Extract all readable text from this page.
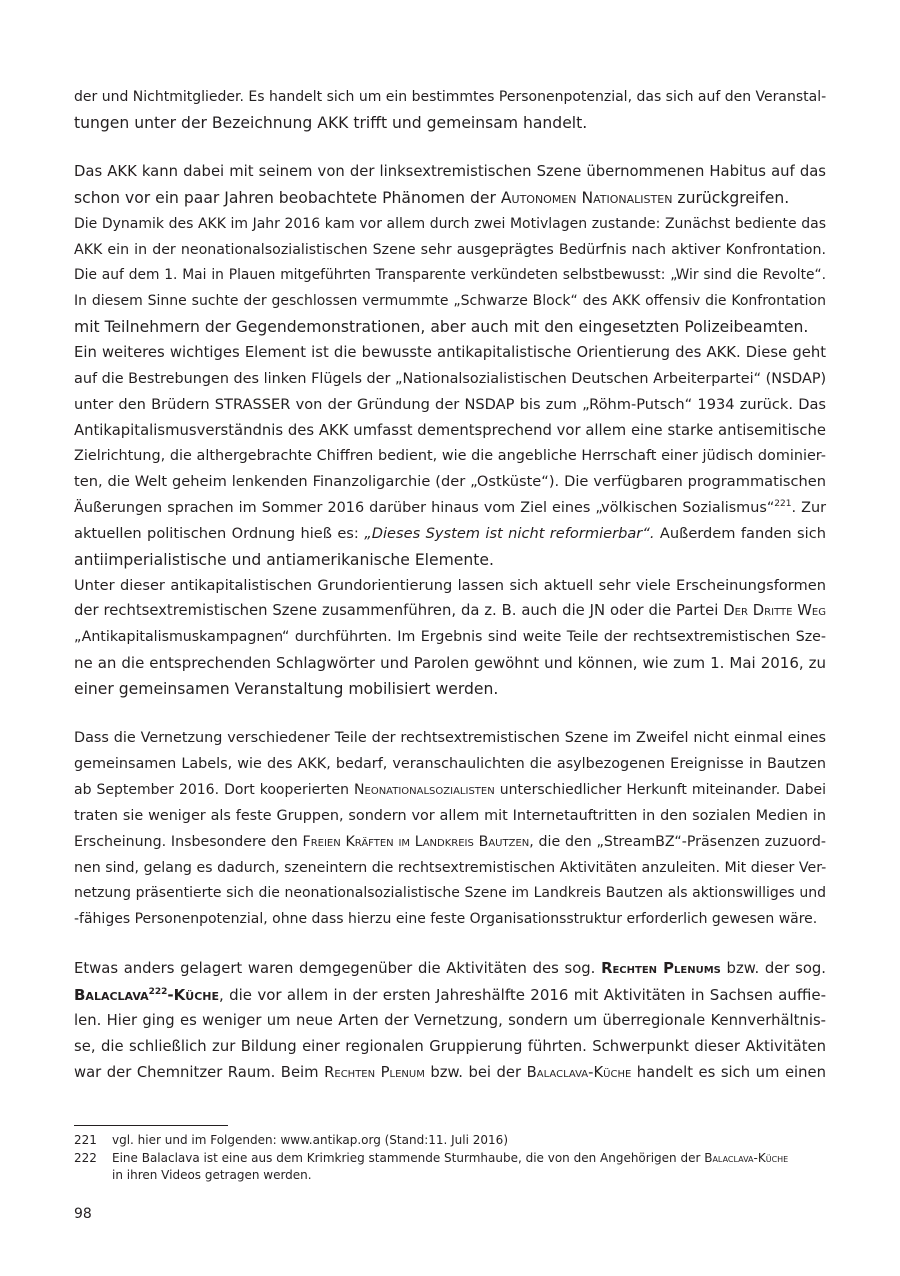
der und Nichtmitglieder. Es handelt sich um ein bestimmtes Personenpotenzial, das sich auf den Veranstal-
tungen unter der Bezeichnung AKK trifft und gemeinsam handelt.
Das AKK kann dabei mit seinem von der linksextremistischen Szene übernommenen Habitus auf das
schon vor ein paar Jahren beobachtete Phänomen der Autonomen Nationalisten zurückgreifen.
Die Dynamik des AKK im Jahr 2016 kam vor allem durch zwei Motivlagen zustande: Zunächst bediente das
AKK ein in der neonationalsozialistischen Szene sehr ausgeprägtes Bedürfnis nach aktiver Konfrontation.
Die auf dem 1. Mai in Plauen mitgeführten Transparente verkündeten selbstbewusst: „Wir sind die Revolte“.
In diesem Sinne suchte der geschlossen vermummte „Schwarze Block“ des AKK offensiv die Konfrontation
mit Teilnehmern der Gegendemonstrationen, aber auch mit den eingesetzten Polizeibeamten.
Ein weiteres wichtiges Element ist die bewusste antikapitalistische Orientierung des AKK. Diese geht
auf die Bestrebungen des linken Flügels der „Nationalsozialistischen Deutschen Arbeiterpartei“ (NSDAP)
unter den Brüdern STRASSER von der Gründung der NSDAP bis zum „Röhm-Putsch“ 1934 zurück. Das
Antikapitalismusverständnis des AKK umfasst dementsprechend vor allem eine starke antisemitische
Zielrichtung, die althergebrachte Chiffren bedient, wie die angebliche Herrschaft einer jüdisch dominier-
ten, die Welt geheim lenkenden Finanzoligarchie (der „Ostküste“). Die verfügbaren programmatischen
Äußerungen sprachen im Sommer 2016 darüber hinaus vom Ziel eines „völkischen Sozialismus“$^{221}$. Zur
aktuellen politischen Ordnung hieß es: „Dieses System ist nicht reformierbar“. Außerdem fanden sich
antiimperialistische und antiamerikanische Elemente.
Unter dieser antikapitalistischen Grundorientierung lassen sich aktuell sehr viele Erscheinungsformen
der rechtsextremistischen Szene zusammenführen, da z. B. auch die JN oder die Partei Der Dritte Weg
„Antikapitalismuskampagnen“ durchführten. Im Ergebnis sind weite Teile der rechtsextremistischen Sze-
ne an die entsprechenden Schlagwörter und Parolen gewöhnt und können, wie zum 1. Mai 2016, zu
einer gemeinsamen Veranstaltung mobilisiert werden.
Dass die Vernetzung verschiedener Teile der rechtsextremistischen Szene im Zweifel nicht einmal eines
gemeinsamen Labels, wie des AKK, bedarf, veranschaulichten die asylbezogenen Ereignisse in Bautzen
ab September 2016. Dort kooperierten Neonationalsozialisten unterschiedlicher Herkunft miteinander. Dabei
traten sie weniger als feste Gruppen, sondern vor allem mit Internetauftritten in den sozialen Medien in
Erscheinung. Insbesondere den Freien Kräften im Landkreis Bautzen, die den „StreamBZ“-Präsenzen zuzuord-
nen sind, gelang es dadurch, szeneintern die rechtsextremistischen Aktivitäten anzuleiten. Mit dieser Ver-
netzung präsentierte sich die neonationalsozialistische Szene im Landkreis Bautzen als aktionswilliges und
-fähiges Personenpotenzial, ohne dass hierzu eine feste Organisationsstruktur erforderlich gewesen wäre.
Etwas anders gelagert waren demgegenüber die Aktivitäten des sog. Rechten Plenums bzw. der sog.
Balaclava$^{222}$-Küche, die vor allem in der ersten Jahreshälfte 2016 mit Aktivitäten in Sachsen auffie-
len. Hier ging es weniger um neue Arten der Vernetzung, sondern um überregionale Kennverhältnis-
se, die schließlich zur Bildung einer regionalen Gruppierung führten. Schwerpunkt dieser Aktivitäten
war der Chemnitzer Raum. Beim Rechten Plenum bzw. bei der Balaclava-Küche handelt es sich um einen
221 vgl. hier und im Folgenden: www.antikap.org (Stand:11. Juli 2016)
222 Eine Balaclava ist eine aus dem Krimkrieg stammende Sturmhaube, die von den Angehörigen der Balaclava-Küche
in ihren Videos getragen werden.
98
